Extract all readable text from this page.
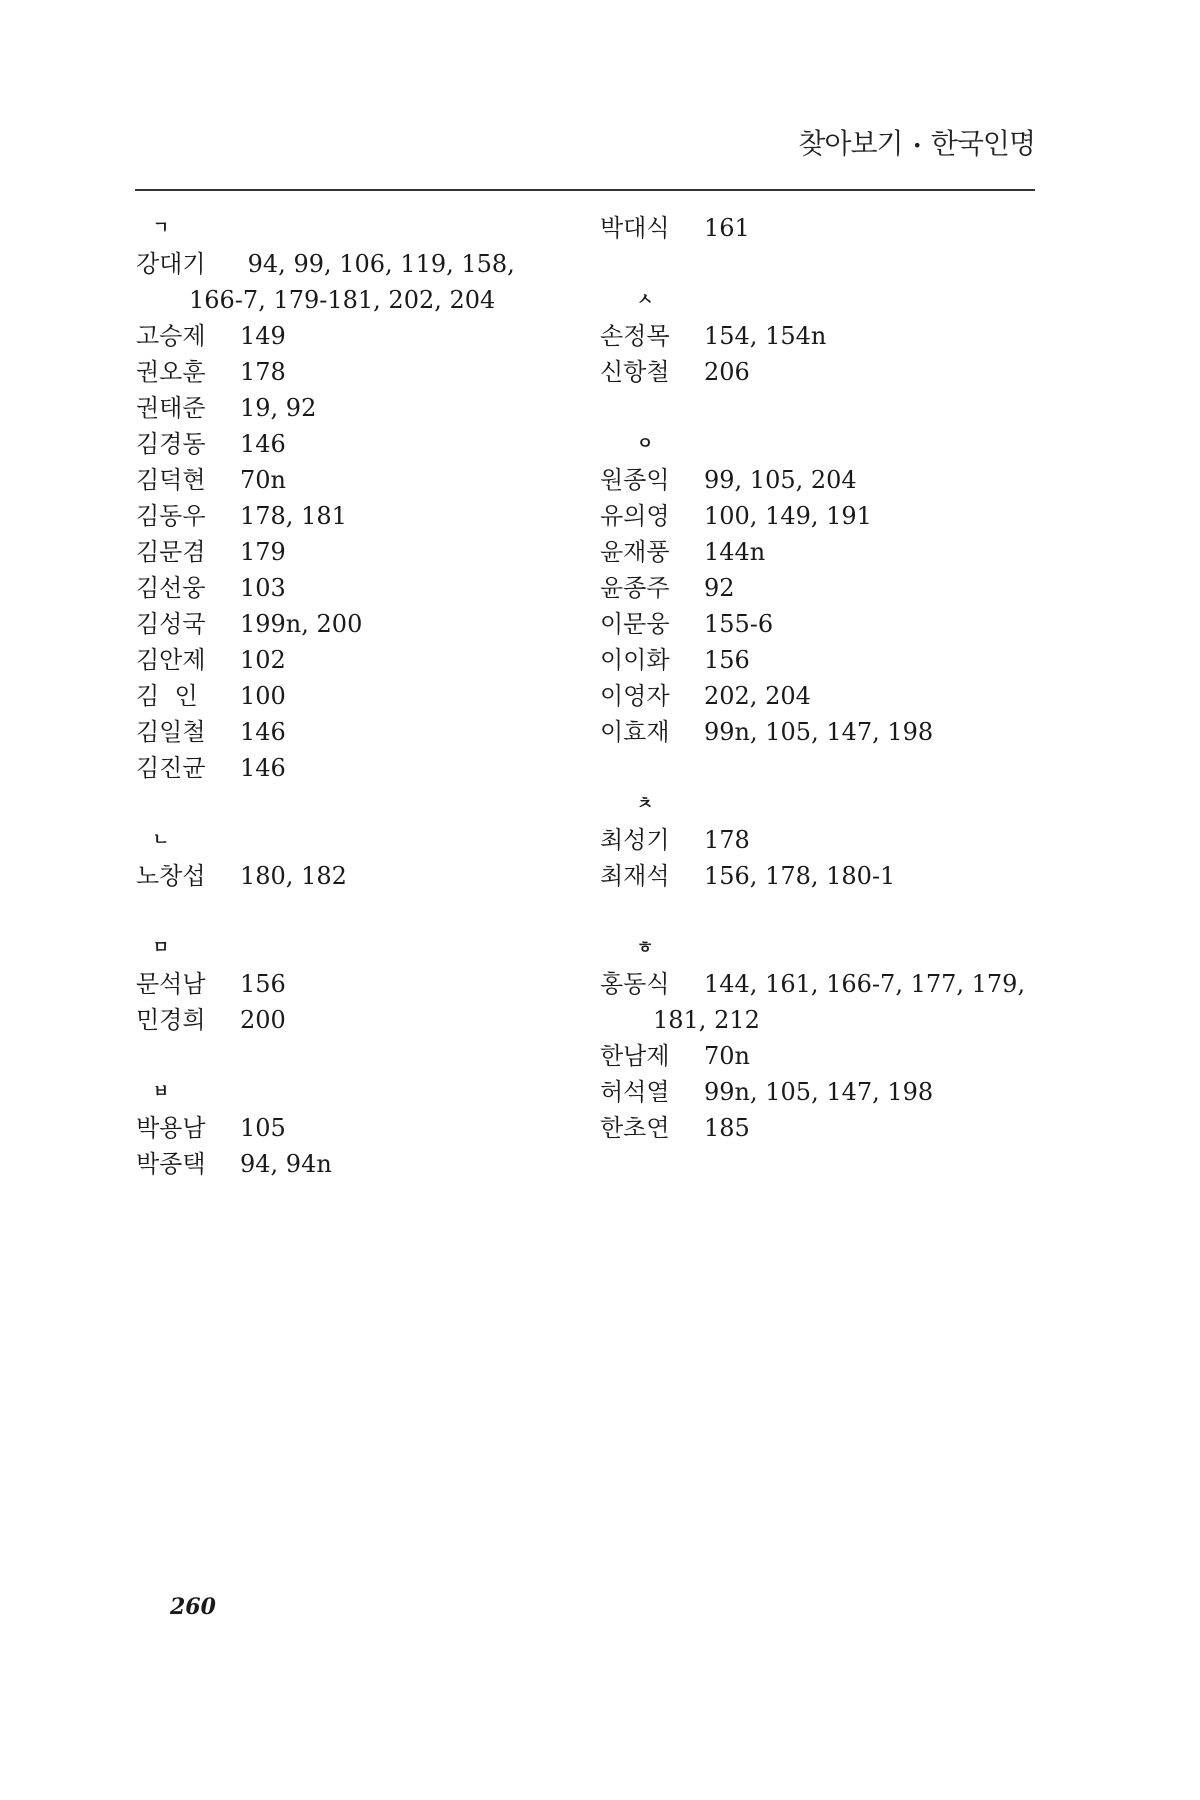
찾아보기 • 한국인명
ㄱ
강대기 94, 99, 106, 119, 158,
166-7, 179-181, 202, 204
고승제 149
권오훈 178
권태준 19, 92
김경동 146
김덕현 70n
김동우 178, 181
김문겸 179
김선웅 103
김성국 199n, 200
김안제 102
김  인 100
김일철 146
김진균 146
ㄴ
노창섭 180, 182
ㅁ
문석남 156
민경희 200
ㅂ
박용남 105
박종택 94, 94n
박대식 161
ㅅ
손정목 154, 154n
신항철 206
ㅇ
원종익 99, 105, 204
유의영 100, 149, 191
윤재풍 144n
윤종주 92
이문웅 155-6
이이화 156
이영자 202, 204
이효재 99n, 105, 147, 198
ㅊ
최성기 178
최재석 156, 178, 180-1
ㅎ
홍동식 144, 161, 166-7, 177, 179,
181, 212
한남제 70n
허석열 99n, 105, 147, 198
한초연 185
260
